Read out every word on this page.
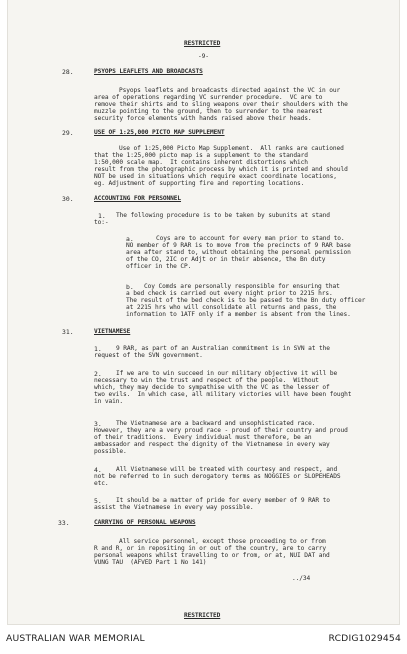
RESTRICTED
-9-
28.	PSYOPS LEAFLETS AND BROADCASTS
Psyops leaflets and broadcasts directed against the VC in our
area of operations regarding VC surrender procedure.  VC are to
remove their shirts and to sling weapons over their shoulders with the
muzzle pointing to the ground, then to surrender to the nearest
security force elements with hands raised above their heads.
29.	USE OF 1:25,000 PICTO MAP SUPPLEMENT
Use of 1:25,000 Picto Map Supplement.  All ranks are cautioned
that the 1:25,000 picto map is a supplement to the standard
1:50,000 scale map.  It contains inherent distortions which
result from the photographic process by which it is printed and should
NOT be used in situations which require exact coordinate locations,
eg. Adjustment of supporting fire and reporting locations.
30.	ACCOUNTING FOR PERSONNEL
1. The following procedure is to be taken by subunits at stand
to:-
a.	Coys are to account for every man prior to stand to.
NO member of 9 RAR is to move from the precincts of 9 RAR base
area after stand to, without obtaining the personal permission
of the CO, 2IC or Adjt or in their absence, the Bn duty
officer in the CP.
b. Coy Comds are personally responsible for ensuring that
a bed check is carried out every night prior to 2215 hrs.
The result of the bed check is to be passed to the Bn duty officer
at 2215 hrs who will consolidate all returns and pass, the
information to 1ATF only if a member is absent from the lines.
31.	VIETNAMESE
1. 9 RAR, as part of an Australian commitment is in SVN at the
request of the SVN government.
2. If we are to win succeed in our military objective it will be
necessary to win the trust and respect of the people.  Without
which, they may decide to sympathise with the VC as the lesser of
two evils.  In which case, all military victories will have been fought
in vain.
3. The Vietnamese are a backward and unsophisticated race.
However, they are a very proud race - proud of their country and proud
of their traditions.  Every individual must therefore, be an
ambassador and respect the dignity of the Vietnamese in every way
possible.
4. All Vietnamese will be treated with courtesy and respect, and
not be referred to in such derogatory terms as NOGGIES or SLOPEHEADS
etc.
5. It should be a matter of pride for every member of 9 RAR to
assist the Vietnamese in every way possible.
33.	CARRYING OF PERSONAL WEAPONS
All service personnel, except those proceeding to or from
R and R, or in repositing in or out of the country, are to carry
personal weapons whilst travelling to or from, or at, NUI DAT and
VUNG TAU  (AFVED Part 1 No 141)
../34
RESTRICTED
AUSTRALIAN WAR MEMORIAL	RCDIG1029454
